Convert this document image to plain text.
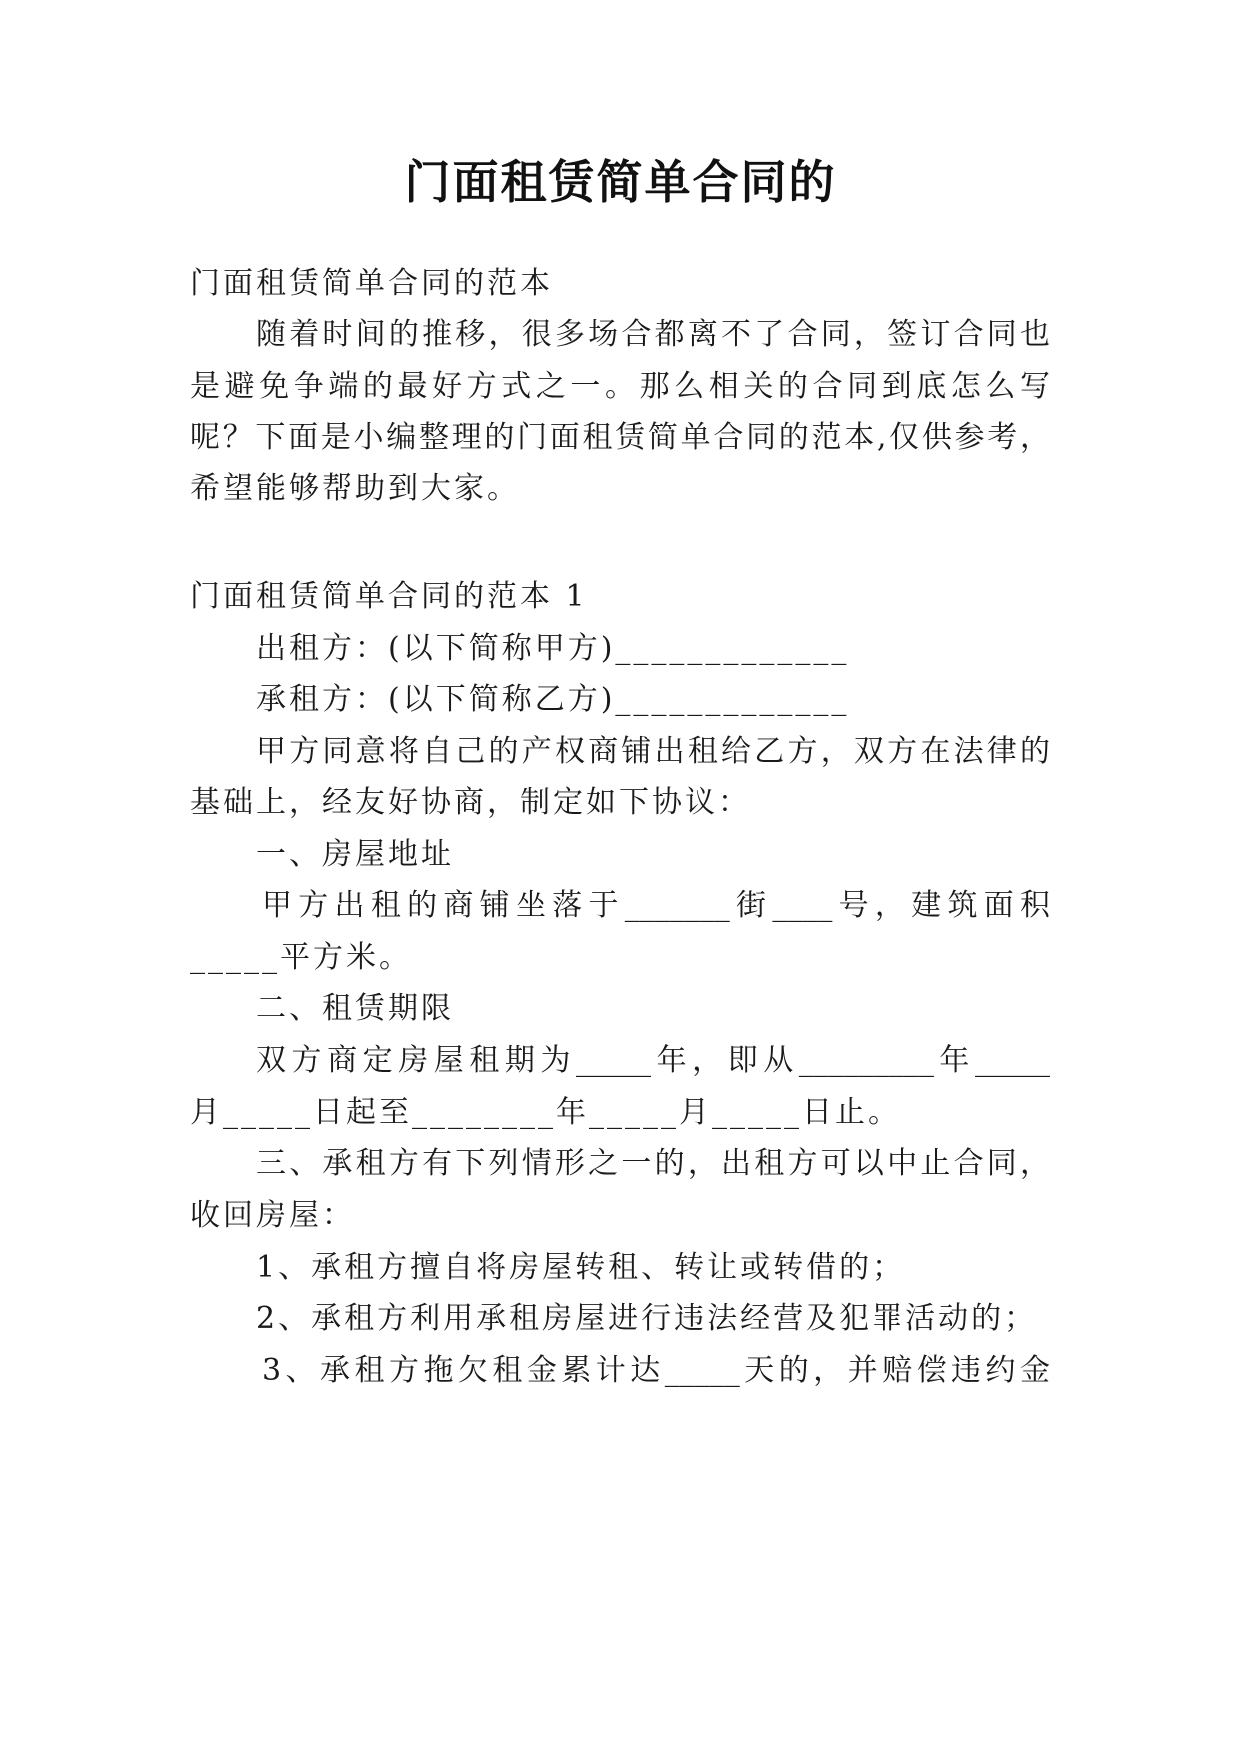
门面租赁简单合同的
门面租赁简单合同的范本
随着时间的推移，很多场合都离不了合同，签订合同也
是避免争端的最好方式之一。那么相关的合同到底怎么写
呢？下面是小编整理的门面租赁简单合同的范本,仅供参考，
希望能够帮助到大家。
门面租赁简单合同的范本 1
出租方：(以下简称甲方)_____________
承租方：(以下简称乙方)_____________
甲方同意将自己的产权商铺出租给乙方，双方在法律的
基础上，经友好协商，制定如下协议：
一、房屋地址
甲方出租的商铺坐落于_______街____号，建筑面积
_____平方米。
二、租赁期限
双方商定房屋租期为_____年，即从_________年_____
月_____日起至________年_____月_____日止。
三、承租方有下列情形之一的，出租方可以中止合同，
收回房屋：
1、承租方擅自将房屋转租、转让或转借的；
2、承租方利用承租房屋进行违法经营及犯罪活动的；
3、承租方拖欠租金累计达_____天的，并赔偿违约金
